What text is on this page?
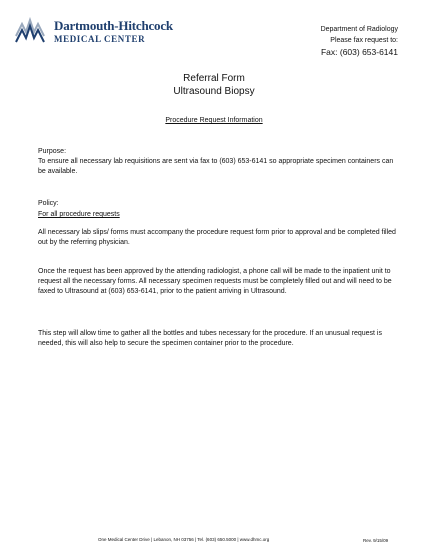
Dartmouth-Hitchcock
MEDICAL CENTER
Department of Radiology
Please fax request to:
Fax: (603) 653-6141
Referral Form
Ultrasound Biopsy
Procedure Request Information
Purpose:
To ensure all necessary lab requisitions are sent via fax to (603) 653-6141 so appropriate specimen containers can be available.
Policy:
For all procedure requests
All necessary lab slips/ forms must accompany the procedure request form prior to approval and be completed filled out by the referring physician.
Once the request has been approved by the attending radiologist, a phone call will be made to the inpatient unit to request all the necessary forms. All necessary specimen requests must be completely filled out and will need to be faxed to Ultrasound at (603) 653-6141, prior to the patient arriving in Ultrasound.
This step will allow time to gather all the bottles and tubes necessary for the procedure. If an unusual request is needed, this will also help to secure the specimen container prior to the procedure.
One Medical Center Drive | Lebanon, NH 03756 | Tel. (603) 650.5000 | www.dhmc.org	Rev. 9/15/09
